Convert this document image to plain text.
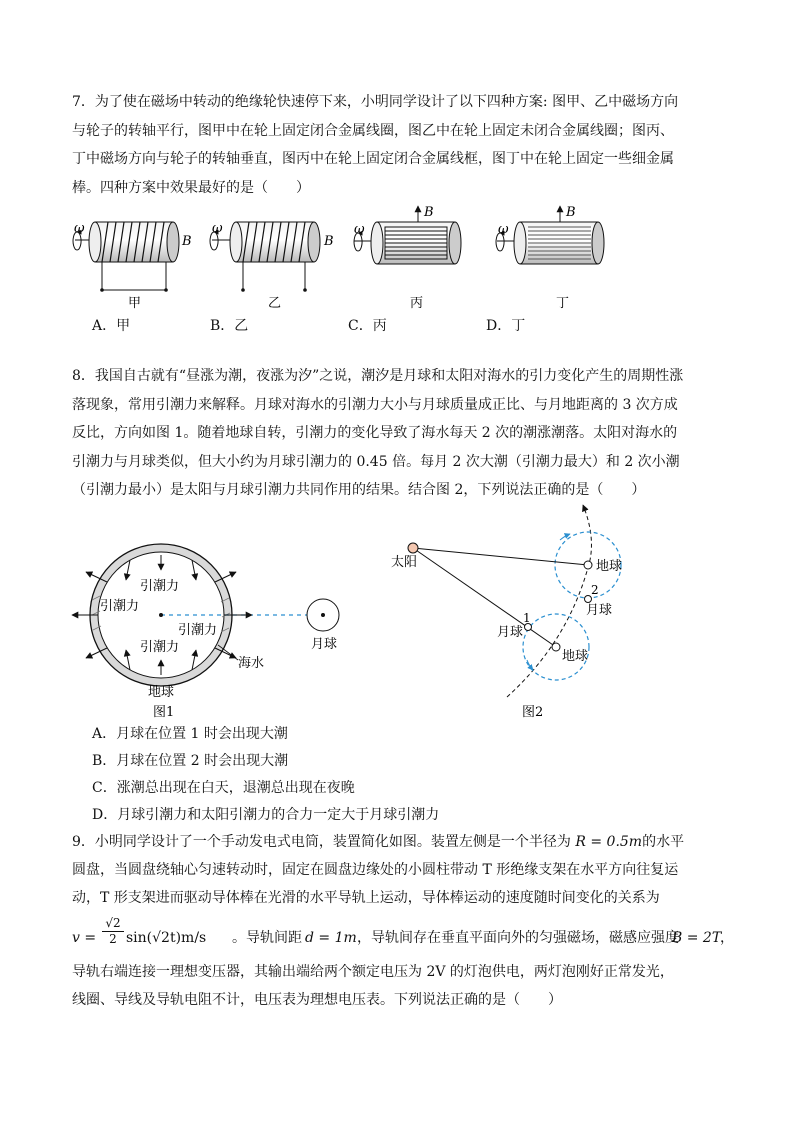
7．为了使在磁场中转动的绝缘轮快速停下来，小明同学设计了以下四种方案: 图甲、乙中磁场方向
与轮子的转轴平行，图甲中在轮上固定闭合金属线圈，图乙中在轮上固定未闭合金属线圈；图丙、
丁中磁场方向与轮子的转轴垂直，图丙中在轮上固定闭合金属线框，图丁中在轮上固定一些细金属
棒。四种方案中效果最好的是（　　）

ω
B
甲
ω
B
乙
ω
B
丙
ω
B
丁
引潮力
引潮力
引潮力
引潮力
海水
地球
月球
图1
太阳	地球
地球
月球
月球
1
2
图2
A．甲	B．乙	C．丙	D．丁

8．我国自古就有“昼涨为潮，夜涨为汐”之说，潮汐是月球和太阳对海水的引力变化产生的周期性涨
落现象，常用引潮力来解释。月球对海水的引潮力大小与月球质量成正比、与月地距离的 3 次方成
反比，方向如图 1。随着地球自转，引潮力的变化导致了海水每天 2 次的潮涨潮落。太阳对海水的
引潮力与月球类似，但大小约为月球引潮力的 0.45 倍。每月 2 次大潮（引潮力最大）和 2 次小潮
（引潮力最小）是太阳与月球引潮力共同作用的结果。结合图 2，下列说法正确的是（　　）

A．月球在位置 1 时会出现大潮
B．月球在位置 2 时会出现大潮
C．涨潮总出现在白天，退潮总出现在夜晚
D．月球引潮力和太阳引潮力的合力一定大于月球引潮力
9．小明同学设计了一个手动发电式电筒，装置简化如图。装置左侧是一个半径为 R = 0.5m的水平
圆盘，当圆盘绕轴心匀速转动时，固定在圆盘边缘处的小圆柱带动 T 形绝缘支架在水平方向往复运
动，T 形支架进而驱动导体棒在光滑的水平导轨上运动，导体棒运动的速度随时间变化的关系为
$v = \frac{√2}{2} \sin(√2t)m/s$ 。导轨间距 d = 1m ，导轨间存在垂直平面向外的匀强磁场，磁感应强度
B = 2T
，
导轨右端连接一理想变压器，其输出端给两个额定电压为 2V 的灯泡供电，两灯泡刚好正常发光，
线圈、导线及导轨电阻不计，电压表为理想电压表。下列说法正确的是（　　）
